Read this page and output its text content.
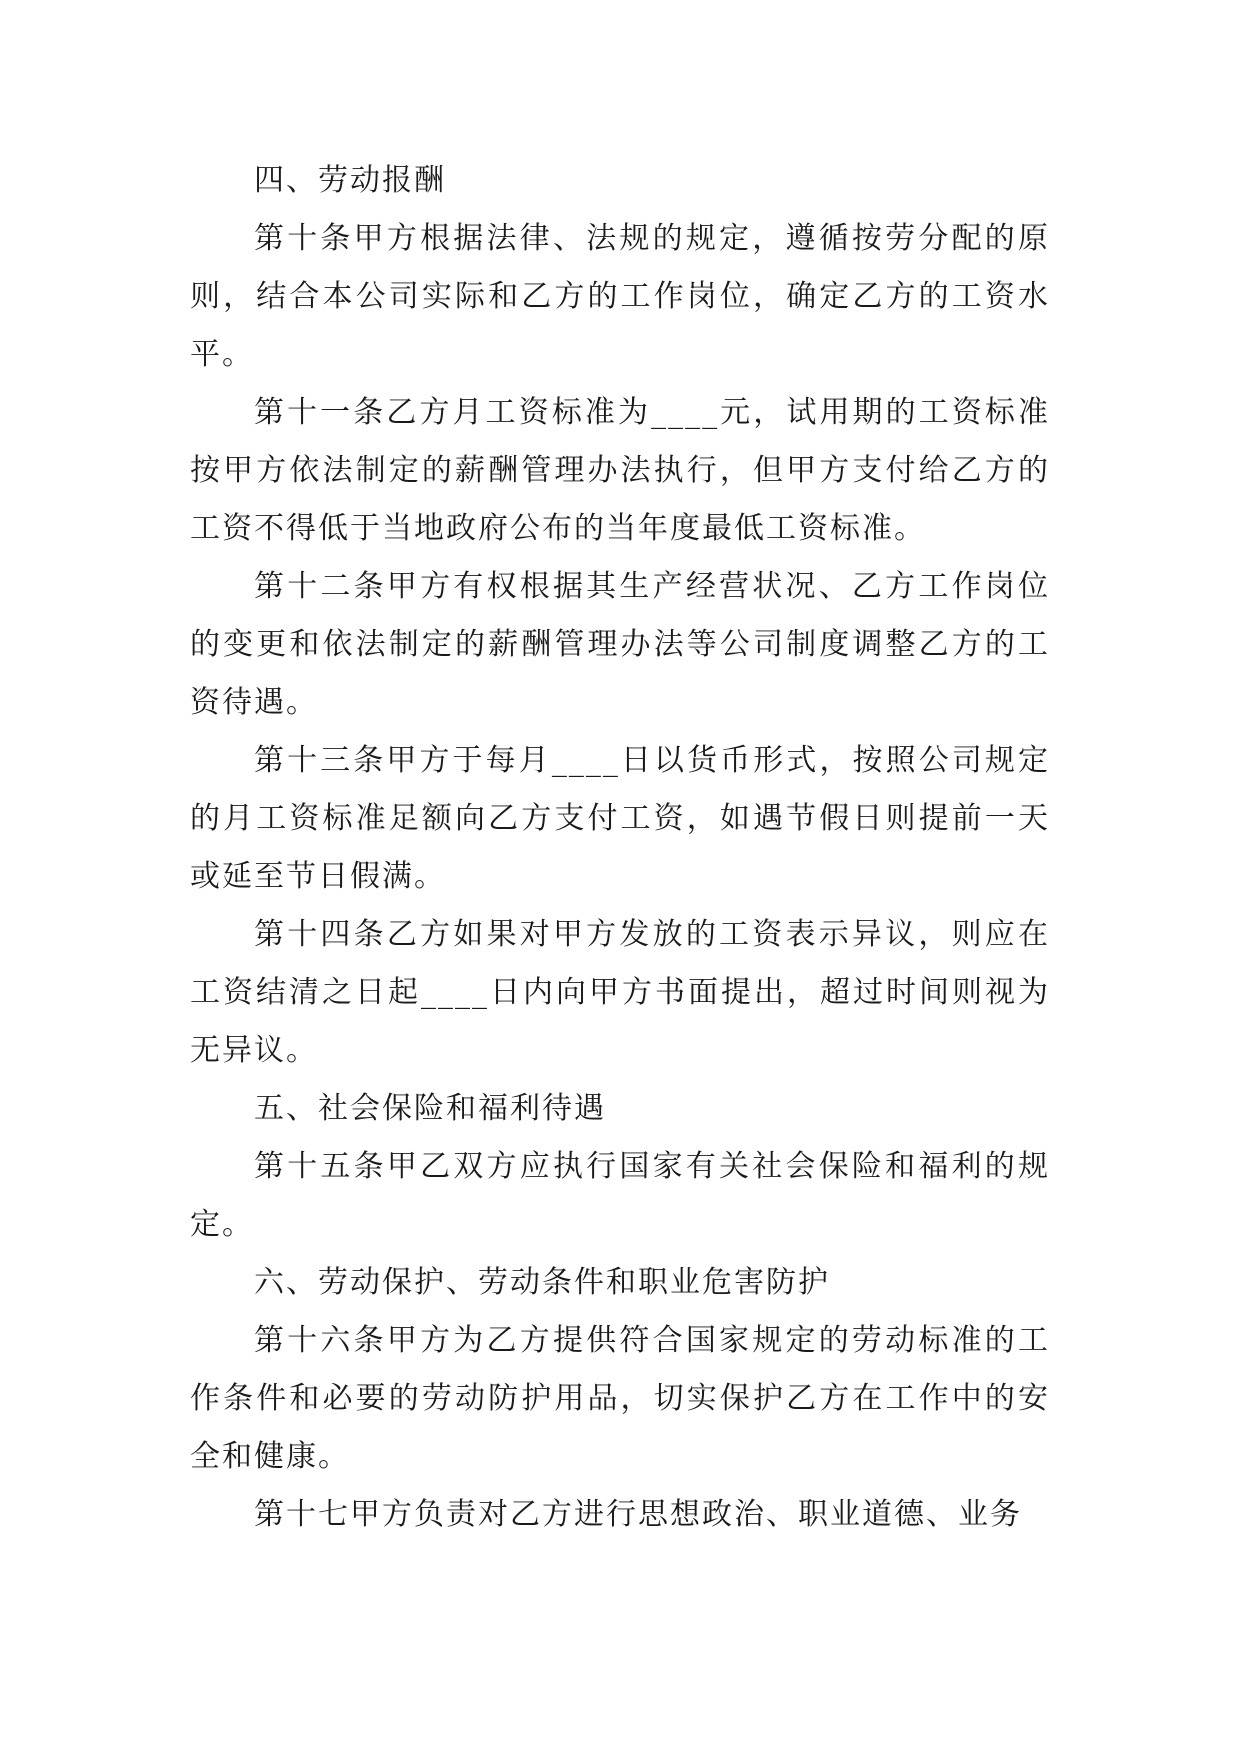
四、劳动报酬

第十条甲方根据法律、法规的规定，遵循按劳分配的原则，结合本公司实际和乙方的工作岗位，确定乙方的工资水平。

第十一条乙方月工资标准为____元，试用期的工资标准按甲方依法制定的薪酬管理办法执行，但甲方支付给乙方的工资不得低于当地政府公布的当年度最低工资标准。

第十二条甲方有权根据其生产经营状况、乙方工作岗位的变更和依法制定的薪酬管理办法等公司制度调整乙方的工资待遇。

第十三条甲方于每月____日以货币形式，按照公司规定的月工资标准足额向乙方支付工资，如遇节假日则提前一天或延至节日假满。

第十四条乙方如果对甲方发放的工资表示异议，则应在工资结清之日起____日内向甲方书面提出，超过时间则视为无异议。

五、社会保险和福利待遇

第十五条甲乙双方应执行国家有关社会保险和福利的规定。

六、劳动保护、劳动条件和职业危害防护

第十六条甲方为乙方提供符合国家规定的劳动标准的工作条件和必要的劳动防护用品，切实保护乙方在工作中的安全和健康。

第十七甲方负责对乙方进行思想政治、职业道德、业务
